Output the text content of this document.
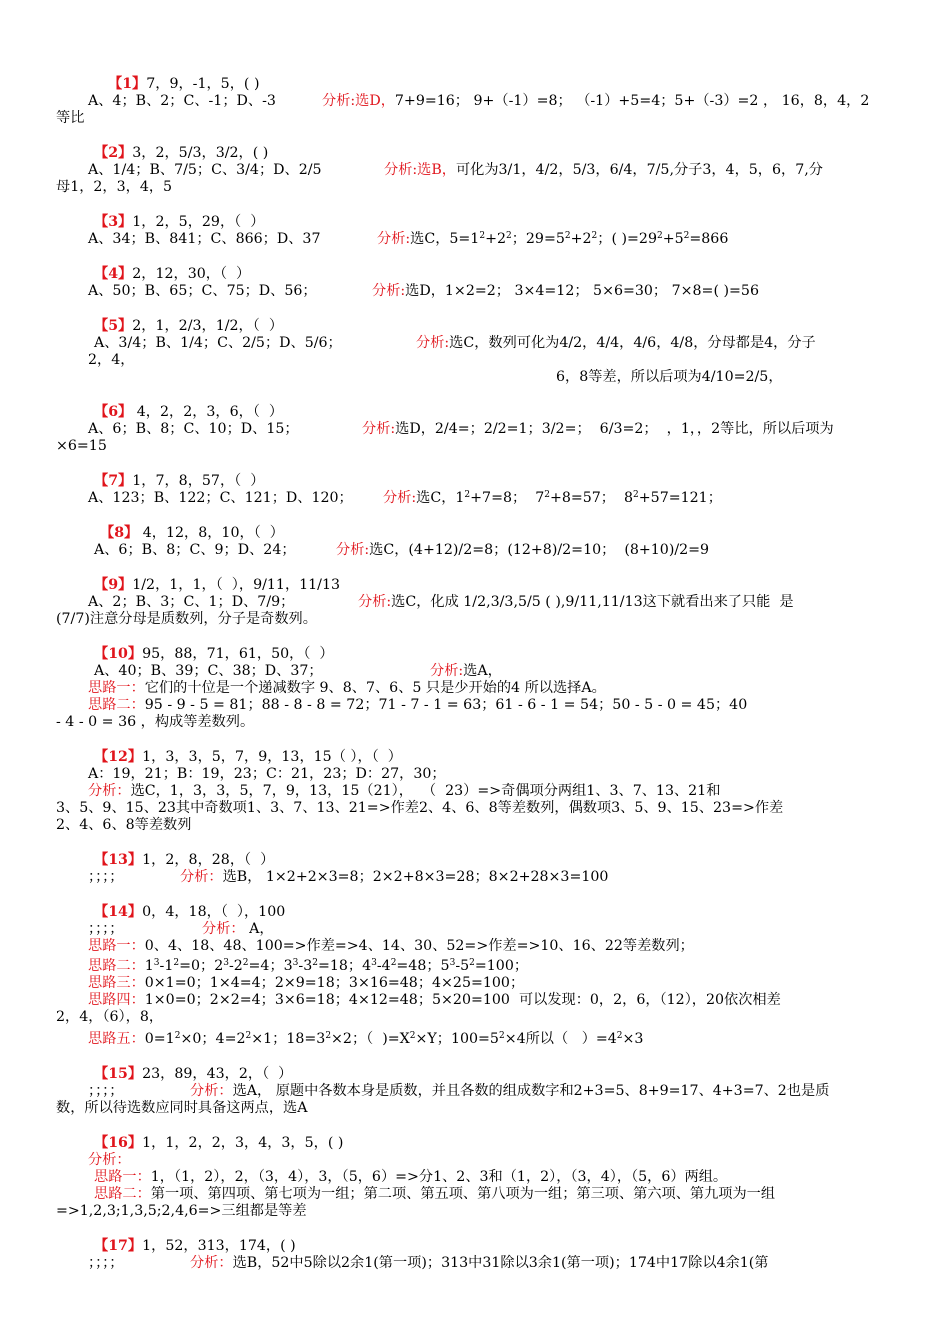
【1】7，9，-1，5，( )
A、4；B、2；C、-1；D、-3	分析:选D，7+9=16； 9+（-1）=8； （-1）+5=4；5+（-3）=2 ， 16，8，4，2
等比
【2】3，2，5/3，3/2，( )
A、1/4；B、7/5；C、3/4；D、2/5	分析:选B，可化为3/1，4/2，5/3，6/4，7/5,分子3，4，5，6，7,分
母1，2，3，4，5
【3】1，2，5，29，（  ）
A、34；B、841；C、866；D、37	分析:选C，$5=1^2+2^2$；$29=5^2+2^2$；( )$=29^2+5^2=866$
【4】2，12，30，（  ）
A、50；B、65；C、75；D、56；	分析:选D，1×2=2； 3×4=12； 5×6=30； 7×8=( )=56
【5】2，1，2/3，1/2，（  ）
A、3/4；B、1/4；C、2/5；D、5/6；	分析:选C，数列可化为4/2，4/4，4/6，4/8，分母都是4，分子
2，4，
6，8等差，所以后项为4/10=2/5，
【6】 4，2，2，3，6，（  ）
A、6；B、8；C、10；D、15；	分析:选D，2/4=；2/2=1；3/2=；  6/3=2；  ，1，，2等比，所以后项为
×6=15
【7】1，7，8，57，（  ）
A、123；B、122；C、121；D、120； 分析:选C，$1^2+7=8$；  $7^2+8=57$；  $8^2+57=121$；
【8】 4，12，8，10，（  ）
A、6；B、8；C、9；D、24；	分析:选C，(4+12)/2=8；(12+8)/2=10；  (8+10)/2=9
【9】1/2，1，1，（  ），9/11，11/13
A、2；B、3；C、1；D、7/9；	分析:选C，化成 1/2,3/3,5/5 ( ),9/11,11/13这下就看出来了只能  是
(7/7)注意分母是质数列，分子是奇数列。
【10】95，88，71，61，50，（  ）
A、40；B、39；C、38；D、37；	分析:选A，
思路一：它们的十位是一个递减数字 9、8、7、6、5 只是少开始的4 所以选择A。
思路二：95 - 9 - 5 = 81；88 - 8 - 8 = 72；71 - 7 - 1 = 63；61 - 6 - 1 = 54；50 - 5 - 0 = 45；40
- 4 - 0 = 36 ，构成等差数列。
【12】1，3，3，5，7，9，13，15（ ），（  ）
A：19，21；B：19，23；C：21，23；D：27，30；
分析：选C，1，3，3，5，7，9，13，15（21），  （  23）=>奇偶项分两组1、3、7、13、21和
3、5、9、15、23其中奇数项1、3、7、13、21=>作差2、4、6、8等差数列，偶数项3、5、9、15、23=>作差
2、4、6、8等差数列
【13】1，2，8，28，（  ）
；；；；	分析：选B， 1×2+2×3=8；2×2+8×3=28；8×2+28×3=100
【14】0，4，18，（  ），100
；；；；	分析： A，
思路一：0、4、18、48、100=>作差=>4、14、30、52=>作差=>10、16、22等差数列；
思路二：$1^3-1^2=0$；$2^3-2^2=4$；$3^3-3^2=18$；$4^3-4^2=48$；$5^3-5^2=100$；
思路三：0×1=0；1×4=4；2×9=18；3×16=48；4×25=100；
思路四：1×0=0；2×2=4；3×6=18；4×12=48；5×20=100  可以发现：0，2，6，（12），20依次相差
2，4，（6），8，
思路五：$0=1^2\times 0$；$4=2^2\times 1$；$18=3^2\times 2$；（  )$=X^2\times Y$；$100=5^2\times 4$所以（   ）$=4^2\times 3$
【15】23，89，43，2，（  ）
；；；；	分析：选A， 原题中各数本身是质数，并且各数的组成数字和2+3=5、8+9=17、4+3=7、2也是质
数，所以待选数应同时具备这两点，选A
【16】1，1，2，2，3，4，3，5，( )
分析：
思路一：1，（1，2），2，（3，4），3，（5，6）=>分1、2、3和（1，2），（3，4），（5，6）两组。
思路二：第一项、第四项、第七项为一组；第二项、第五项、第八项为一组；第三项、第六项、第九项为一组
=>1,2,3;1,3,5;2,4,6=>三组都是等差
【17】1，52，313，174，( )
；；；；	分析：选B，52中5除以2余1(第一项)；313中31除以3余1(第一项)；174中17除以4余1(第
